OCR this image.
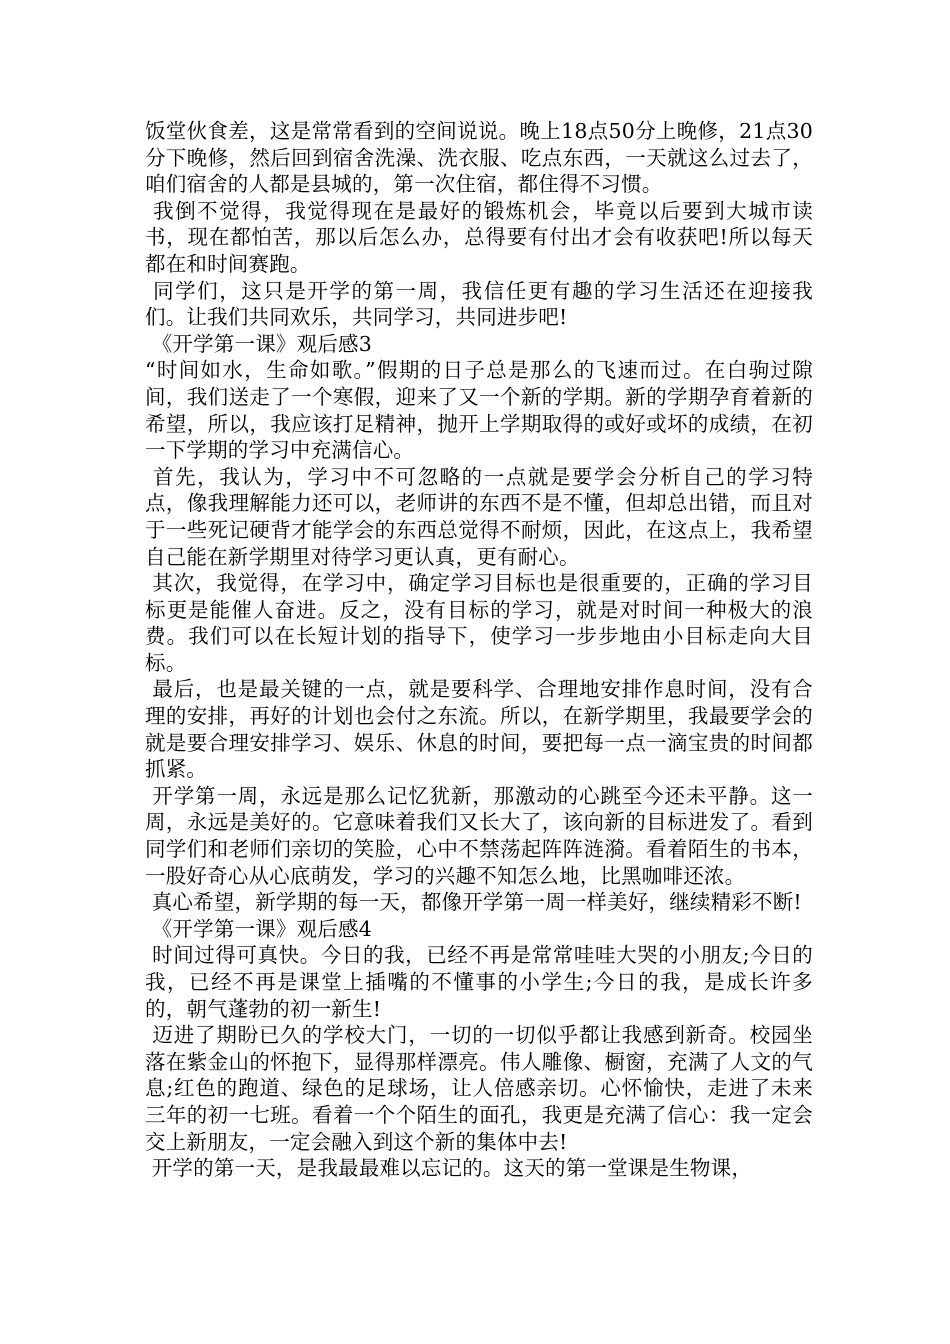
饭堂伙食差，这是常常看到的空间说说。晚上18点50分上晚修，21点30分下晚修，然后回到宿舍洗澡、洗衣服、吃点东西，一天就这么过去了，咱们宿舍的人都是县城的，第一次住宿，都住得不习惯。

我倒不觉得，我觉得现在是最好的锻炼机会，毕竟以后要到大城市读书，现在都怕苦，那以后怎么办，总得要有付出才会有收获吧!所以每天都在和时间赛跑。

同学们，这只是开学的第一周，我信任更有趣的学习生活还在迎接我们。让我们共同欢乐，共同学习，共同进步吧!

《开学第一课》观后感3

“时间如水，生命如歌。”假期的日子总是那么的飞速而过。在白驹过隙间，我们送走了一个寒假，迎来了又一个新的学期。新的学期孕育着新的希望，所以，我应该打足精神，抛开上学期取得的或好或坏的成绩，在初一下学期的学习中充满信心。

首先，我认为，学习中不可忽略的一点就是要学会分析自己的学习特点，像我理解能力还可以，老师讲的东西不是不懂，但却总出错，而且对于一些死记硬背才能学会的东西总觉得不耐烦，因此，在这点上，我希望自己能在新学期里对待学习更认真，更有耐心。

其次，我觉得，在学习中，确定学习目标也是很重要的，正确的学习目标更是能催人奋进。反之，没有目标的学习，就是对时间一种极大的浪费。我们可以在长短计划的指导下，使学习一步步地由小目标走向大目标。

最后，也是最关键的一点，就是要科学、合理地安排作息时间，没有合理的安排，再好的计划也会付之东流。所以，在新学期里，我最要学会的就是要合理安排学习、娱乐、休息的时间，要把每一点一滴宝贵的时间都抓紧。

开学第一周，永远是那么记忆犹新，那激动的心跳至今还未平静。这一周，永远是美好的。它意味着我们又长大了，该向新的目标进发了。看到同学们和老师们亲切的笑脸，心中不禁荡起阵阵涟漪。看着陌生的书本，一股好奇心从心底萌发，学习的兴趣不知怎么地，比黑咖啡还浓。

真心希望，新学期的每一天，都像开学第一周一样美好，继续精彩不断!

《开学第一课》观后感4

时间过得可真快。今日的我，已经不再是常常哇哇大哭的小朋友;今日的我，已经不再是课堂上插嘴的不懂事的小学生;今日的我，是成长许多的，朝气蓬勃的初一新生!

迈进了期盼已久的学校大门，一切的一切似乎都让我感到新奇。校园坐落在紫金山的怀抱下，显得那样漂亮。伟人雕像、橱窗，充满了人文的气息;红色的跑道、绿色的足球场，让人倍感亲切。心怀愉快，走进了未来三年的初一七班。看着一个个陌生的面孔，我更是充满了信心：我一定会交上新朋友，一定会融入到这个新的集体中去!

开学的第一天，是我最最难以忘记的。这天的第一堂课是生物课，
